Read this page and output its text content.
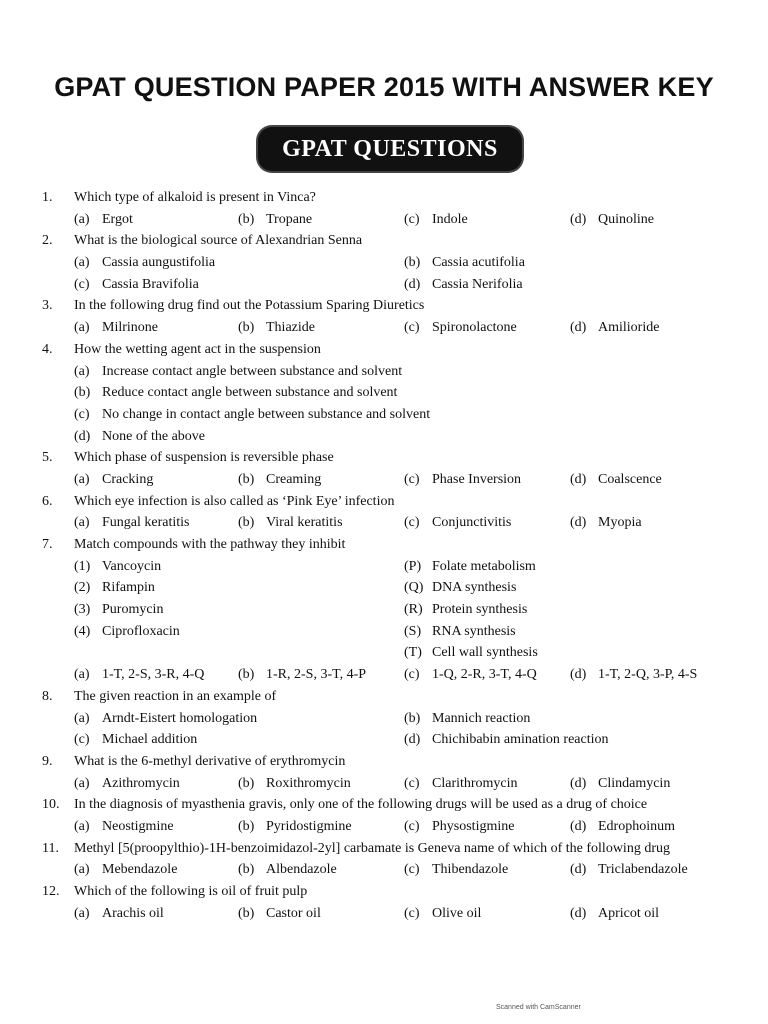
GPAT QUESTION PAPER 2015 WITH ANSWER KEY
GPAT QUESTIONS
1. Which type of alkaloid is present in Vinca?
(a) Ergot	(b) Tropane	(c) Indole	(d) Quinoline
2. What is the biological source of Alexandrian Senna
(a) Cassia aungustifolia	(b) Cassia acutifolia
(c) Cassia Bravifolia	(d) Cassia Nerifolia
3. In the following drug find out the Potassium Sparing Diuretics
(a) Milrinone	(b) Thiazide	(c) Spironolactone	(d) Amilioride
4. How the wetting agent act in the suspension
(a) Increase contact angle between substance and solvent
(b) Reduce contact angle between substance and solvent
(c) No change in contact angle between substance and solvent
(d) None of the above
5. Which phase of suspension is reversible phase
(a) Cracking	(b) Creaming	(c) Phase Inversion	(d) Coalscence
6. Which eye infection is also called as ‘Pink Eye’ infection
(a) Fungal keratitis	(b) Viral keratitis	(c) Conjunctivitis	(d) Myopia
7. Match compounds with the pathway they inhibit
(1) Vancoycin	(P) Folate metabolism
(2) Rifampin	(Q) DNA synthesis
(3) Puromycin	(R) Protein synthesis
(4) Ciprofloxacin	(S) RNA synthesis
(T) Cell wall synthesis
(a) 1-T, 2-S, 3-R, 4-Q (b) 1-R, 2-S, 3-T, 4-P	(c) 1-Q, 2-R, 3-T, 4-Q (d) 1-T, 2-Q, 3-P, 4-S
8. The given reaction in an example of
(a) Arndt-Eistert homologation	(b) Mannich reaction
(c) Michael addition	(d) Chichibabin amination reaction
9. What is the 6-methyl derivative of erythromycin
(a) Azithromycin	(b) Roxithromycin	(c) Clarithromycin	(d) Clindamycin
10. In the diagnosis of myasthenia gravis, only one of the following drugs will be used as a drug of choice
(a) Neostigmine	(b) Pyridostigmine	(c) Physostigmine	(d) Edrophoinum
11. Methyl [5(proopylthio)-1H-benzoimidazol-2yl] carbamate is Geneva name of which of the following drug
(a) Mebendazole	(b) Albendazole	(c) Thibendazole	(d) Triclabendazole
12. Which of the following is oil of fruit pulp
(a) Arachis oil	(b) Castor oil	(c) Olive oil	(d) Apricot oil
Scanned with CamScanner
